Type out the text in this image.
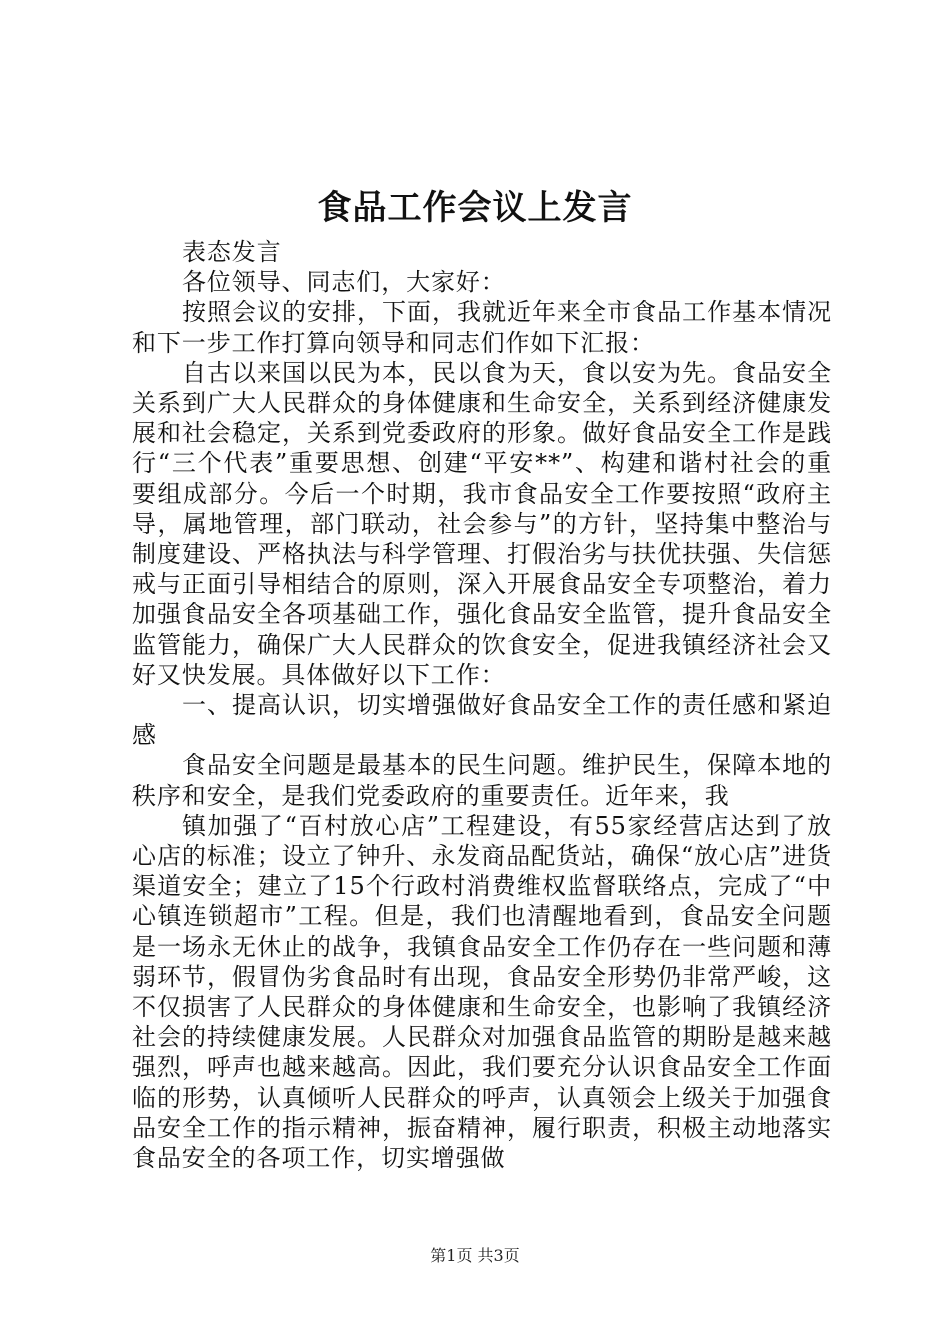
食品工作会议上发言

表态发言

各位领导、同志们，大家好：

按照会议的安排，下面，我就近年来全市食品工作基本情况和下一步工作打算向领导和同志们作如下汇报：

自古以来国以民为本，民以食为天，食以安为先。食品安全关系到广大人民群众的身体健康和生命安全，关系到经济健康发展和社会稳定，关系到党委政府的形象。做好食品安全工作是践行“三个代表”重要思想、创建“平安**”、构建和谐村社会的重要组成部分。今后一个时期，我市食品安全工作要按照“政府主导，属地管理，部门联动，社会参与”的方针，坚持集中整治与制度建设、严格执法与科学管理、打假治劣与扶优扶强、失信惩戒与正面引导相结合的原则，深入开展食品安全专项整治，着力加强食品安全各项基础工作，强化食品安全监管，提升食品安全监管能力，确保广大人民群众的饮食安全，促进我镇经济社会又好又快发展。具体做好以下工作：

一、提高认识，切实增强做好食品安全工作的责任感和紧迫感

食品安全问题是最基本的民生问题。维护民生，保障本地的秩序和安全，是我们党委政府的重要责任。近年来，我

镇加强了“百村放心店”工程建设，有55家经营店达到了放心店的标准；设立了钟升、永发商品配货站，确保“放心店”进货渠道安全；建立了15个行政村消费维权监督联络点，完成了“中心镇连锁超市”工程。但是，我们也清醒地看到，食品安全问题是一场永无休止的战争，我镇食品安全工作仍存在一些问题和薄弱环节，假冒伪劣食品时有出现，食品安全形势仍非常严峻，这不仅损害了人民群众的身体健康和生命安全，也影响了我镇经济社会的持续健康发展。人民群众对加强食品监管的期盼是越来越强烈，呼声也越来越高。因此，我们要充分认识食品安全工作面临的形势，认真倾听人民群众的呼声，认真领会上级关于加强食品安全工作的指示精神，振奋精神，履行职责，积极主动地落实食品安全的各项工作，切实增强做

第1页 共3页
